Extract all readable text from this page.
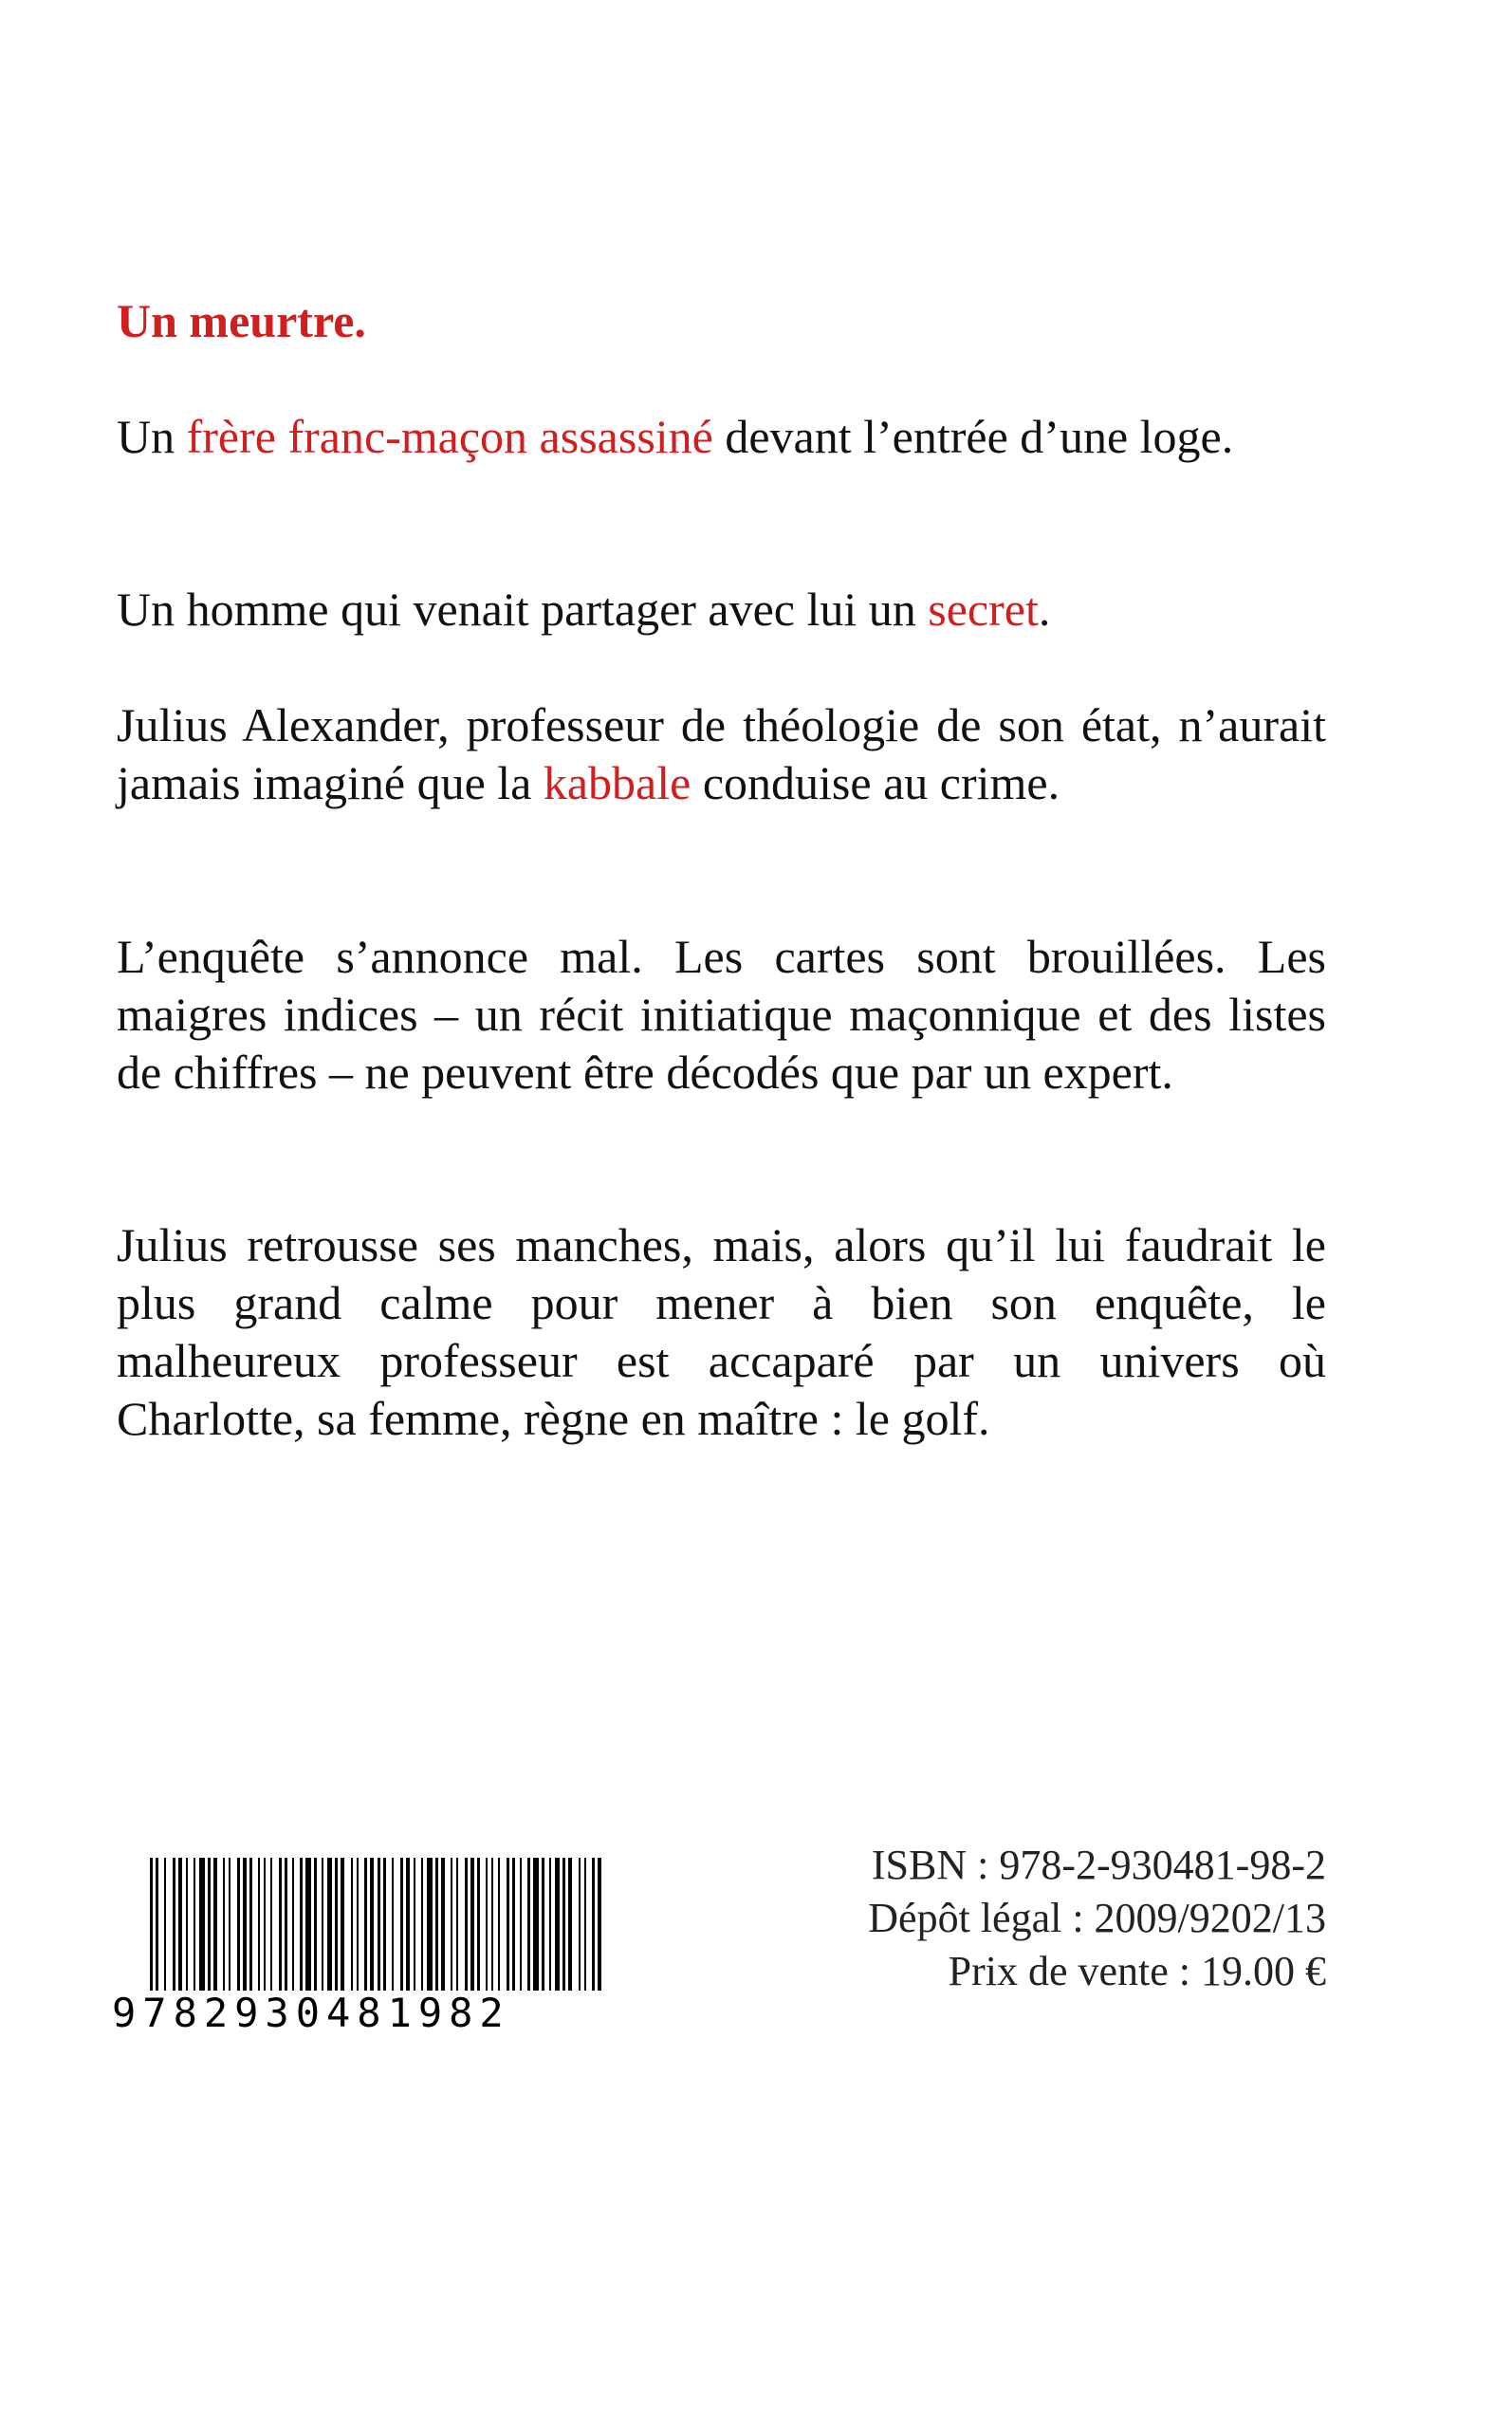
Un meurtre.

Un frère franc-maçon assassiné devant l’entrée d’une loge.

Un homme qui venait partager avec lui un secret.

Julius Alexander, professeur de théologie de son état, n’aurait jamais imaginé que la kabbale conduise au crime.

L’enquête s’annonce mal. Les cartes sont brouillées. Les maigres indices – un récit initiatique maçonnique et des listes de chiffres – ne peuvent être décodés que par un expert.

Julius retrousse ses manches, mais, alors qu’il lui faudrait le plus grand calme pour mener à bien son enquête, le malheureux professeur est accaparé par un univers où Charlotte, sa femme, règne en maître : le golf.

9782930481982
ISBN : 978-2-930481-98-2
Dépôt légal : 2009/9202/13
Prix de vente : 19.00 €
